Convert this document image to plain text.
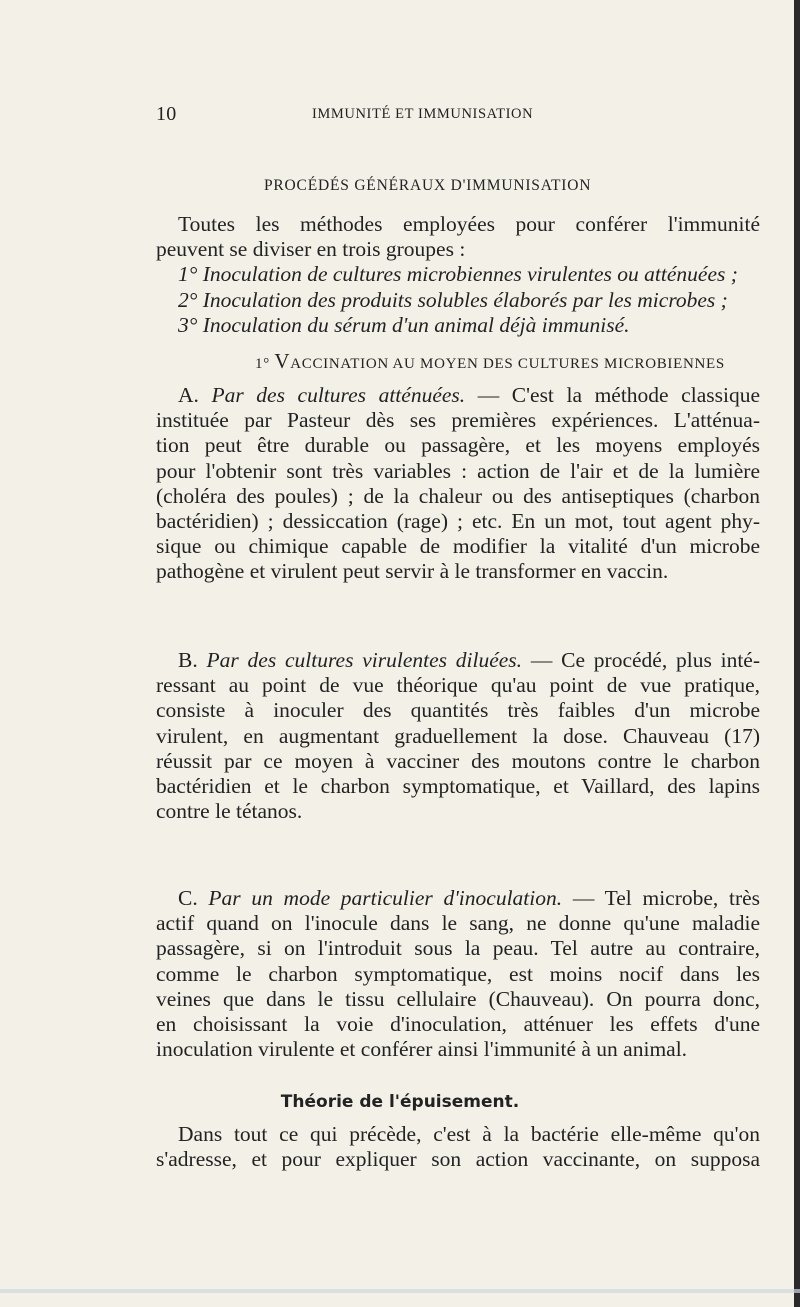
10	IMMUNITÉ ET IMMUNISATION
PROCÉDÉS GÉNÉRAUX D'IMMUNISATION

Toutes les méthodes employées pour conférer l'immunité

peuvent se diviser en trois groupes :

1° Inoculation de cultures microbiennes virulentes ou atténuées ;

2° Inoculation des produits solubles élaborés par les microbes ;

3° Inoculation du sérum d'un animal déjà immunisé.

1° VACCINATION AU MOYEN DES CULTURES MICROBIENNES

A. Par des cultures atténuées. — C'est la méthode classique

instituée par Pasteur dès ses premières expériences. L'atténua-

tion peut être durable ou passagère, et les moyens employés

pour l'obtenir sont très variables : action de l'air et de la lumière

(choléra des poules) ; de la chaleur ou des antiseptiques (charbon

bactéridien) ; dessiccation (rage) ; etc. En un mot, tout agent phy-

sique ou chimique capable de modifier la vitalité d'un microbe

pathogène et virulent peut servir à le transformer en vaccin.

B. Par des cultures virulentes diluées. — Ce procédé, plus inté-

ressant au point de vue théorique qu'au point de vue pratique,

consiste à inoculer des quantités très faibles d'un microbe

virulent, en augmentant graduellement la dose. Chauveau (17)

réussit par ce moyen à vacciner des moutons contre le charbon

bactéridien et le charbon symptomatique, et Vaillard, des lapins

contre le tétanos.

C. Par un mode particulier d'inoculation. — Tel microbe, très

actif quand on l'inocule dans le sang, ne donne qu'une maladie

passagère, si on l'introduit sous la peau. Tel autre au contraire,

comme le charbon symptomatique, est moins nocif dans les

veines que dans le tissu cellulaire (Chauveau). On pourra donc,

en choisissant la voie d'inoculation, atténuer les effets d'une

inoculation virulente et conférer ainsi l'immunité à un animal.

Théorie de l'épuisement.

Dans tout ce qui précède, c'est à la bactérie elle-même qu'on

s'adresse, et pour expliquer son action vaccinante, on supposa
